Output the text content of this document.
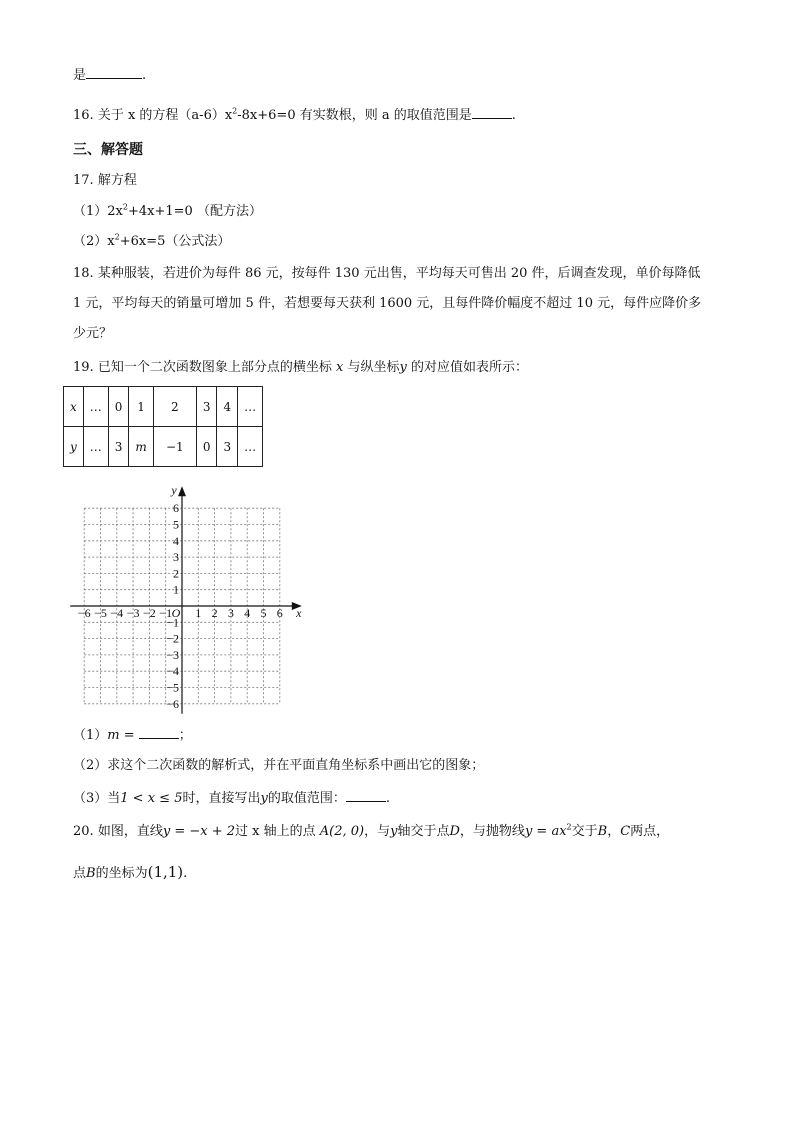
是	.
16. 关于 x 的方程$(a-6)x^2-8x+6=0$ 有实数根，则 a 的取值范围是	.
三、解答题
17. 解方程
$(1)2x^2+4x+1=0$ （配方法）
$(2)x^2+6x=5$（公式法）
18. 某种服装，若进价为每件 86 元，按每件 130 元出售，平均每天可售出 20 件，后调查发现，单价每降低
1 元，平均每天的销量可增加 5 件，若想要每天获利 1600 元，且每件降价幅度不超过 10 元，每件应降价多
少元？
19. 已知一个二次函数图象上部分点的横坐标 x 与纵坐标y 的对应值如表所示：
x	…	0	1	2	3	4	…
y	…	3	m	−1	0	3	…
x
y
O
−6 −5 −4 −3 −2 −1 1 2 3 4 5 6
6
5
4
3
2
1
−1
−2
−3
−4
−5
−6
（1）m =	；
（2）求这个二次函数的解析式，并在平面直角坐标系中画出它的图象；
（3）当1 < x ≤ 5时，直接写出y的取值范围：	.
20. 如图，直线y = −x + 2过 x 轴上的点 A(2, 0)，与y轴交于点D，与抛物线$y = ax^2$交于B，C两点，
点B的坐标为(1,1).
